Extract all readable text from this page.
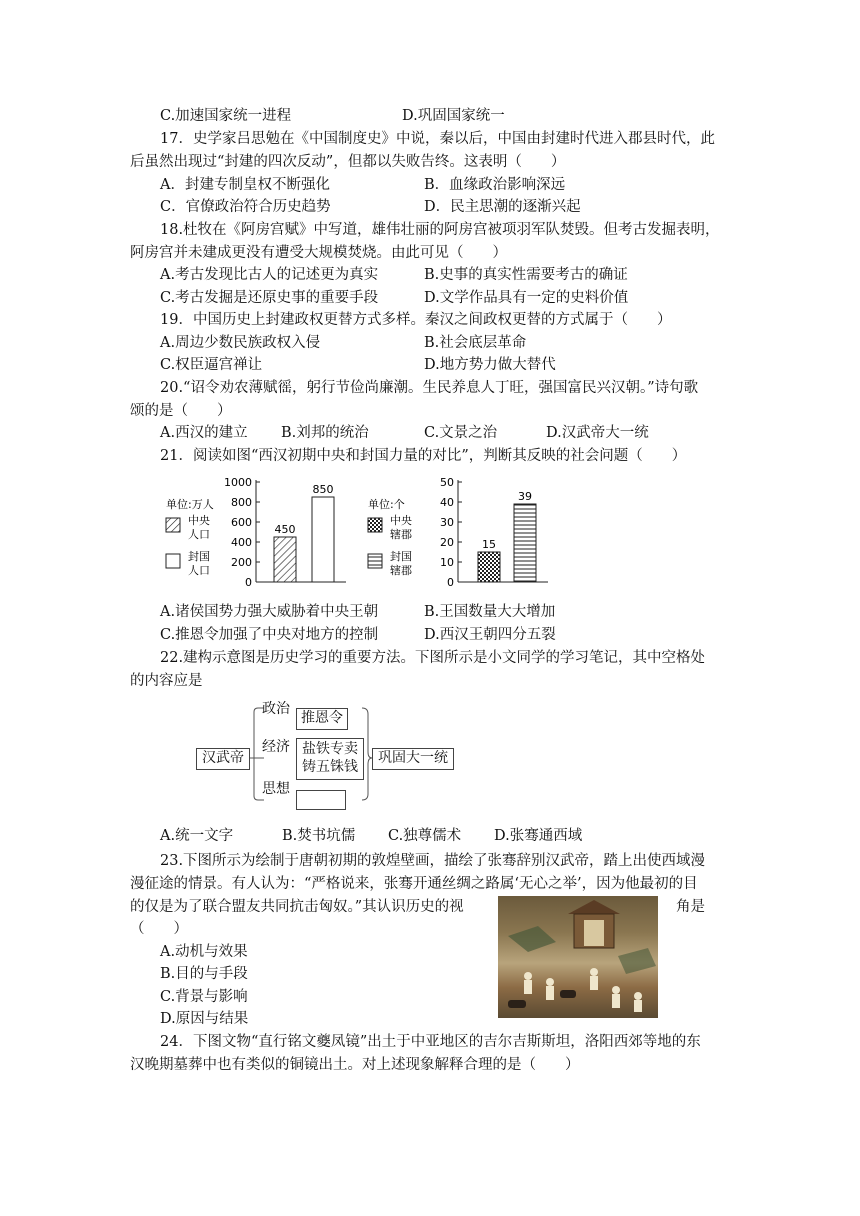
C.加速国家统一进程	D.巩固国家统一
17．史学家吕思勉在《中国制度史》中说，秦以后，中国由封建时代进入郡县时代，此
后虽然出现过“封建的四次反动”，但都以失败告终。这表明（　　）
A．封建专制皇权不断强化	B．血缘政治影响深远
C．官僚政治符合历史趋势	D．民主思潮的逐渐兴起
18.杜牧在《阿房宫赋》中写道，雄伟壮丽的阿房宫被项羽军队焚毁。但考古发掘表明，
阿房宫并未建成更没有遭受大规模焚烧。由此可见（　　）
A.考古发现比古人的记述更为真实	B.史事的真实性需要考古的确证
C.考古发掘是还原史事的重要手段	D.文学作品具有一定的史料价值
19．中国历史上封建政权更替方式多样。秦汉之间政权更替的方式属于（　　）
A.周边少数民族政权入侵	B.社会底层革命
C.权臣逼宫禅让	D.地方势力做大替代
20.“诏令劝农薄赋徭，躬行节俭尚廉潮。生民养息人丁旺，强国富民兴汉朝。”诗句歌
颂的是（　　）
A.西汉的建立 B.刘邦的统治	C.文景之治	D.汉武帝大一统
21．阅读如图“西汉初期中央和封国力量的对比”，判断其反映的社会问题（　　）
单位:万人
中央
人口
封国
人口
0
200
400
600
800
1000
450
850
单位:个
中央
辖郡
封国
辖郡
0
10
20
30
40
50
15
39
A.诸侯国势力强大威胁着中央王朝	B.王国数量大大增加
C.推恩令加强了中央对地方的控制	D.西汉王朝四分五裂
22.建构示意图是历史学习的重要方法。下图所示是小文同学的学习笔记，其中空格处
的内容应是
汉武帝
政治
推恩令
经济 盐铁专卖
铸五铢钱
思想
巩固大一统
A.统一文字	B.焚书坑儒 C.独尊儒术 D.张骞通西域
23.下图所示为绘制于唐朝初期的敦煌壁画，描绘了张骞辞别汉武帝，踏上出使西域漫
漫征途的情景。有人认为：“严格说来，张骞开通丝绸之路属‘无心之举’，因为他最初的目
的仅是为了联合盟友共同抗击匈奴。”其认识历史的视	角是
（　　）
A.动机与效果
B.目的与手段
C.背景与影响
D.原因与结果
24．下图文物“直行铭文夔凤镜”出土于中亚地区的吉尔吉斯斯坦，洛阳西郊等地的东
汉晚期墓葬中也有类似的铜镜出土。对上述现象解释合理的是（　　）
